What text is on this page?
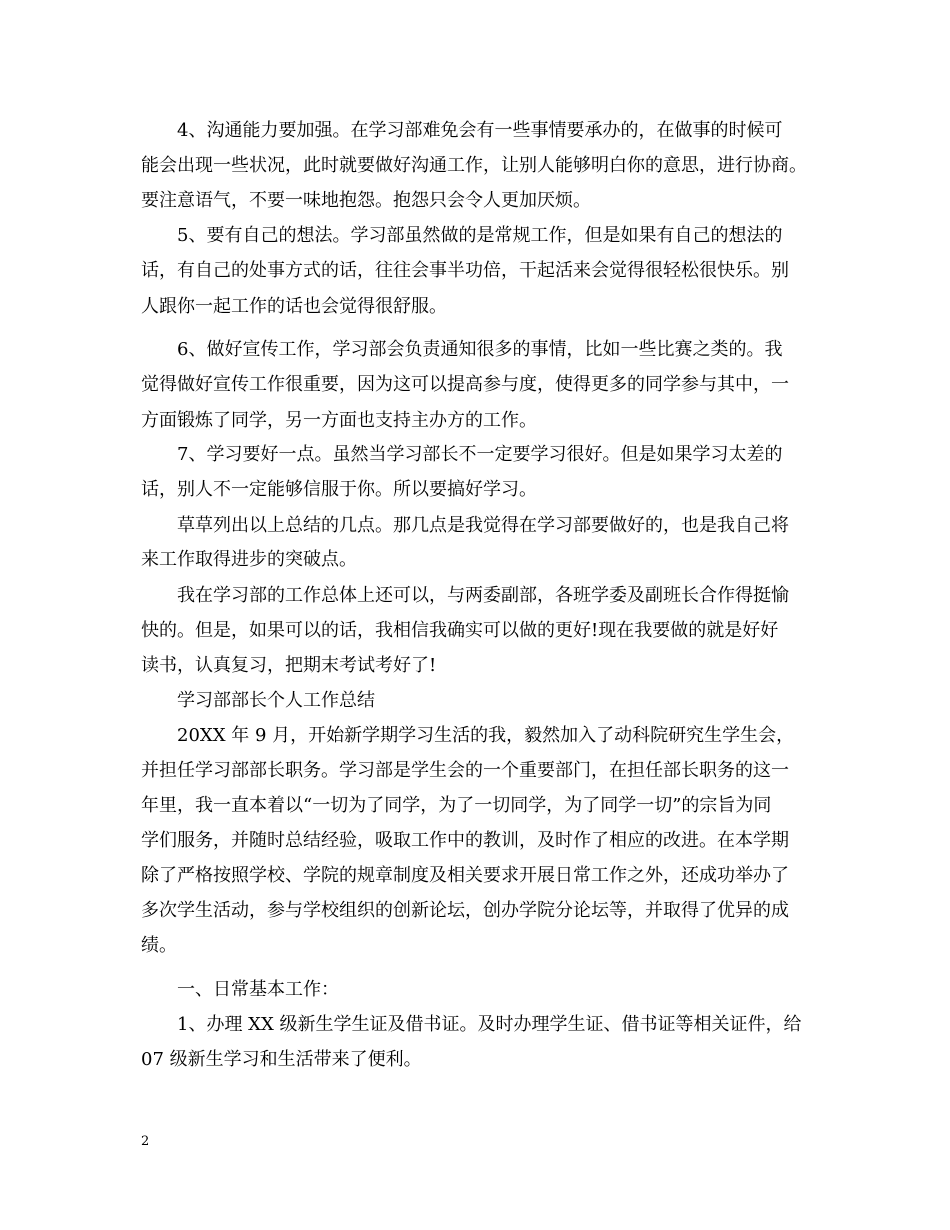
4、沟通能力要加强。在学习部难免会有一些事情要承办的，在做事的时候可
能会出现一些状况，此时就要做好沟通工作，让别人能够明白你的意思，进行协商。
要注意语气，不要一味地抱怨。抱怨只会令人更加厌烦。
5、要有自己的想法。学习部虽然做的是常规工作，但是如果有自己的想法的
话，有自己的处事方式的话，往往会事半功倍，干起活来会觉得很轻松很快乐。别
人跟你一起工作的话也会觉得很舒服。
6、做好宣传工作，学习部会负责通知很多的事情，比如一些比赛之类的。我
觉得做好宣传工作很重要，因为这可以提高参与度，使得更多的同学参与其中，一
方面锻炼了同学，另一方面也支持主办方的工作。
7、学习要好一点。虽然当学习部长不一定要学习很好。但是如果学习太差的
话，别人不一定能够信服于你。所以要搞好学习。
草草列出以上总结的几点。那几点是我觉得在学习部要做好的，也是我自己将
来工作取得进步的突破点。
我在学习部的工作总体上还可以，与两委副部，各班学委及副班长合作得挺愉
快的。但是，如果可以的话，我相信我确实可以做的更好!现在我要做的就是好好
读书，认真复习，把期末考试考好了!
学习部部长个人工作总结
20XX 年 9 月，开始新学期学习生活的我，毅然加入了动科院研究生学生会，
并担任学习部部长职务。学习部是学生会的一个重要部门，在担任部长职务的这一
年里，我一直本着以“一切为了同学，为了一切同学，为了同学一切”的宗旨为同
学们服务，并随时总结经验，吸取工作中的教训，及时作了相应的改进。在本学期
除了严格按照学校、学院的规章制度及相关要求开展日常工作之外，还成功举办了
多次学生活动，参与学校组织的创新论坛，创办学院分论坛等，并取得了优异的成
绩。
一、日常基本工作：
1、办理 XX 级新生学生证及借书证。及时办理学生证、借书证等相关证件，给
07 级新生学习和生活带来了便利。
2
